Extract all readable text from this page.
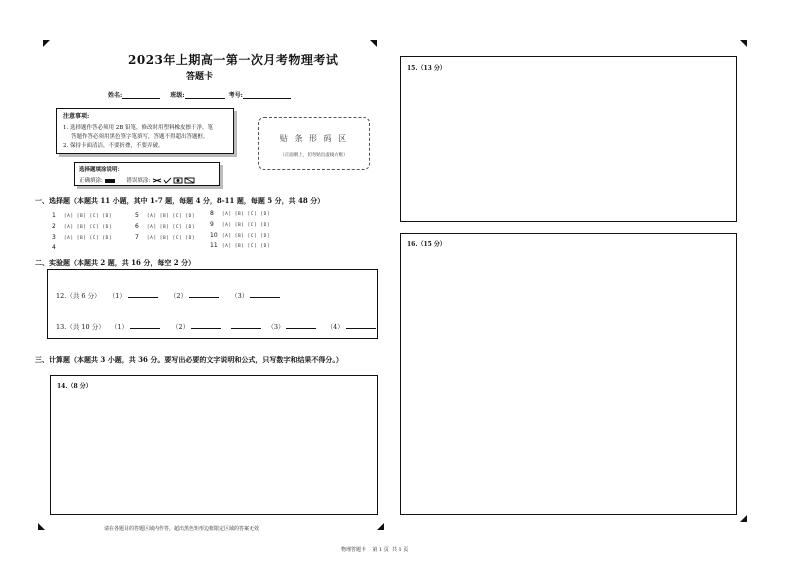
2023年上期高一第一次月考物理考试
答题卡
姓名:	班级:	考号:
注意事项:
1. 选择题作答必须用 2B 铅笔，修改时用塑料橡皮擦干净。笔
答题作答必须用黑色签字笔填写，答题不得超出答题框。
2. 保持卡面清洁，不要折叠，不要弄破。
贴 条 形 码 区
（正面朝上，切勿贴出虚线方框）
选择题填涂说明：
正确填涂:	错误填涂:
一、选择题（本题共 11 小题，其中 1-7 题，每题 4 分，8-11 题，每题 5 分，共 48 分）
1 [A] [B] [C] [D]
2 [A] [B] [C] [D]
3 [A] [B] [C] [D]
4
5 [A] [B] [C] [D]
6 [A] [B] [C] [D]
7 [A] [B] [C] [D]
8 [A] [B] [C] [D]
9 [A] [B] [C] [D]
10 [A] [B] [C] [D]
11 [A] [B] [C] [D]
二、实验题（本题共 2 题，共 16 分，每空 2 分）
12.（共 6 分） （1）	（2）	（3）
13.（共 10 分） （1）	（2）	（3）	（4）
三、计算题（本题共 3 小题，共 36 分。要写出必要的文字说明和公式，只写数字和结果不得分。）
14.（8 分）
15.（13 分）
16.（15 分）
请在各题目的答题区域内作答，超出黑色矩形边框限定区域的答案无效
物理答题卡    第 1 页  共 1 页
